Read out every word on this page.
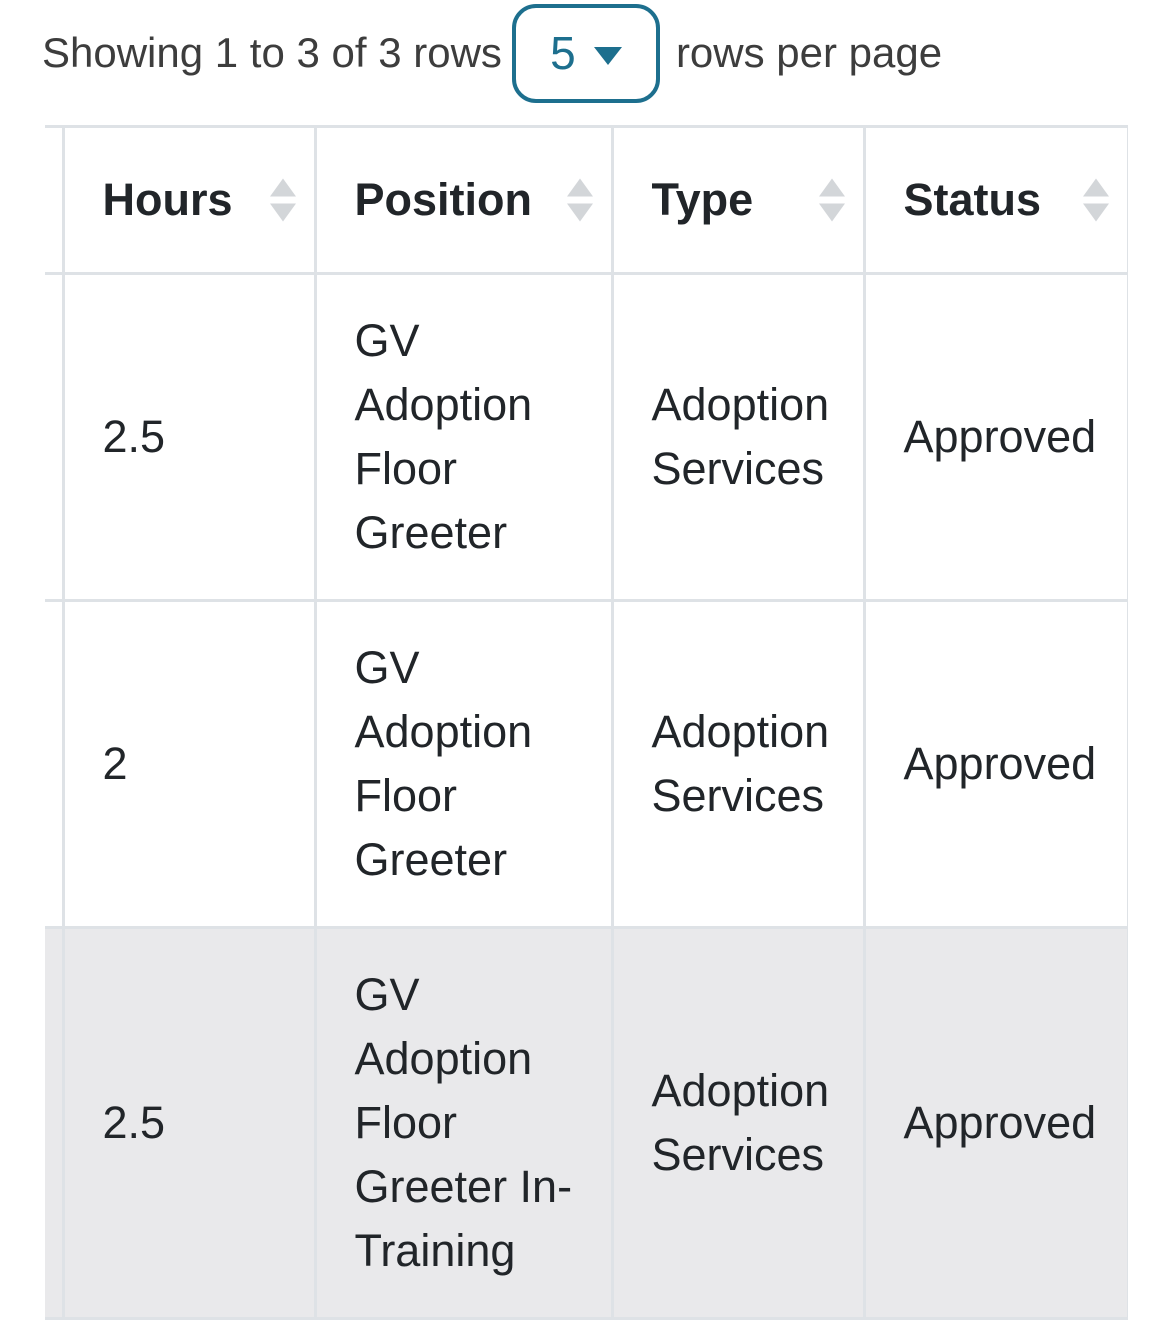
Showing 1 to 3 of 3 rows 5 rows per page
	Hours	Position	Type	Status

	2.5	GV Adoption Floor Greeter	Adoption Services	Approved
	2	GV Adoption Floor Greeter	Adoption Services	Approved
	2.5	GV Adoption Floor Greeter In-Training	Adoption Services	Approved
